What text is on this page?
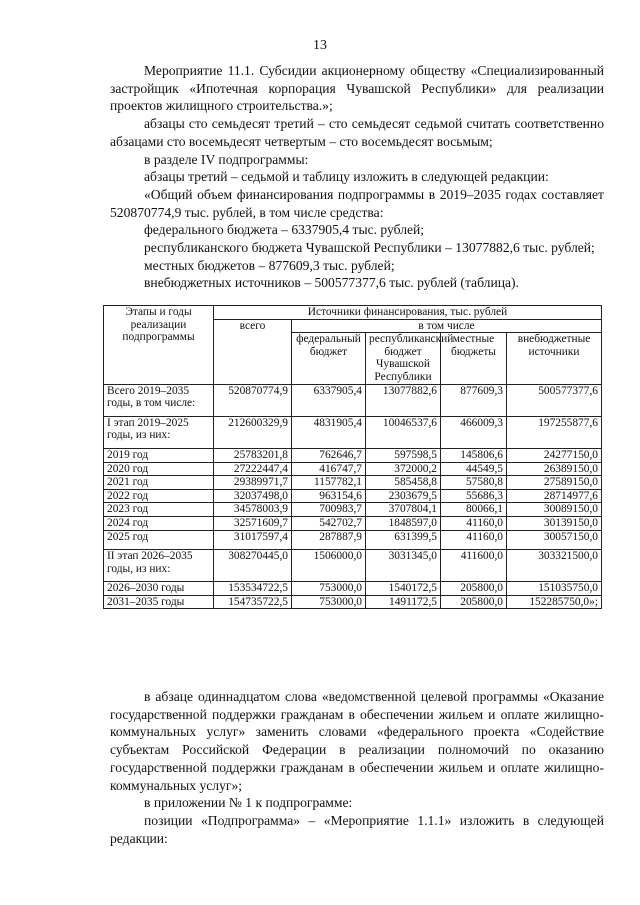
13

Мероприятие 11.1. Субсидии акционерному обществу «Специализированный застройщик «Ипотечная корпорация Чувашской Республики» для реализации проектов жилищного строительства.»;

абзацы сто семьдесят третий – сто семьдесят седьмой считать соответственно абзацами сто восемьдесят четвертым – сто восемьдесят восьмым;

в разделе IV подпрограммы:

абзацы третий – седьмой и таблицу изложить в следующей редакции:

«Общий объем финансирования подпрограммы в 2019–2035 годах составляет 520870774,9 тыс. рублей, в том числе средства:

федерального бюджета – 6337905,4 тыс. рублей;

республиканского бюджета Чувашской Республики – 13077882,6 тыс. рублей;

местных бюджетов – 877609,3 тыс. рублей;

внебюджетных источников – 500577377,6 тыс. рублей (таблица).

Этапы и годы реализации подпрограммы	Источники финансирования, тыс. рублей				
	всего	в том числе			
		федеральный бюджет	республиканский бюджет Чувашской Республики	местные бюджеты	внебюджетные источники
Всего 2019–2035 годы, в том числе:	520870774,9	6337905,4	13077882,6	877609,3	500577377,6
I этап 2019–2025 годы, из них:	212600329,9	4831905,4	10046537,6	466009,3	197255877,6
2019 год	25783201,8	762646,7	597598,5	145806,6	24277150,0
2020 год	27222447,4	416747,7	372000,2	44549,5	26389150,0
2021 год	29389971,7	1157782,1	585458,8	57580,8	27589150,0
2022 год	32037498,0	963154,6	2303679,5	55686,3	28714977,6
2023 год	34578003,9	700983,7	3707804,1	80066,1	30089150,0
2024 год	32571609,7	542702,7	1848597,0	41160,0	30139150,0
2025 год	31017597,4	287887,9	631399,5	41160,0	30057150,0
II этап 2026–2035 годы, из них:	308270445,0	1506000,0	3031345,0	411600,0	303321500,0
2026–2030 годы	153534722,5	753000,0	1540172,5	205800,0	151035750,0
2031–2035 годы	154735722,5	753000,0	1491172,5	205800,0	152285750,0»;

в абзаце одиннадцатом слова «ведомственной целевой программы «Оказание государственной поддержки гражданам в обеспечении жильем и оплате жилищно-коммунальных услуг» заменить словами «федерального проекта «Содействие субъектам Российской Федерации в реализации полномочий по оказанию государственной поддержки гражданам в обеспечении жильем и оплате жилищно-коммунальных услуг»;

в приложении № 1 к подпрограмме:

позиции «Подпрограмма» – «Мероприятие 1.1.1» изложить в следующей редакции:
